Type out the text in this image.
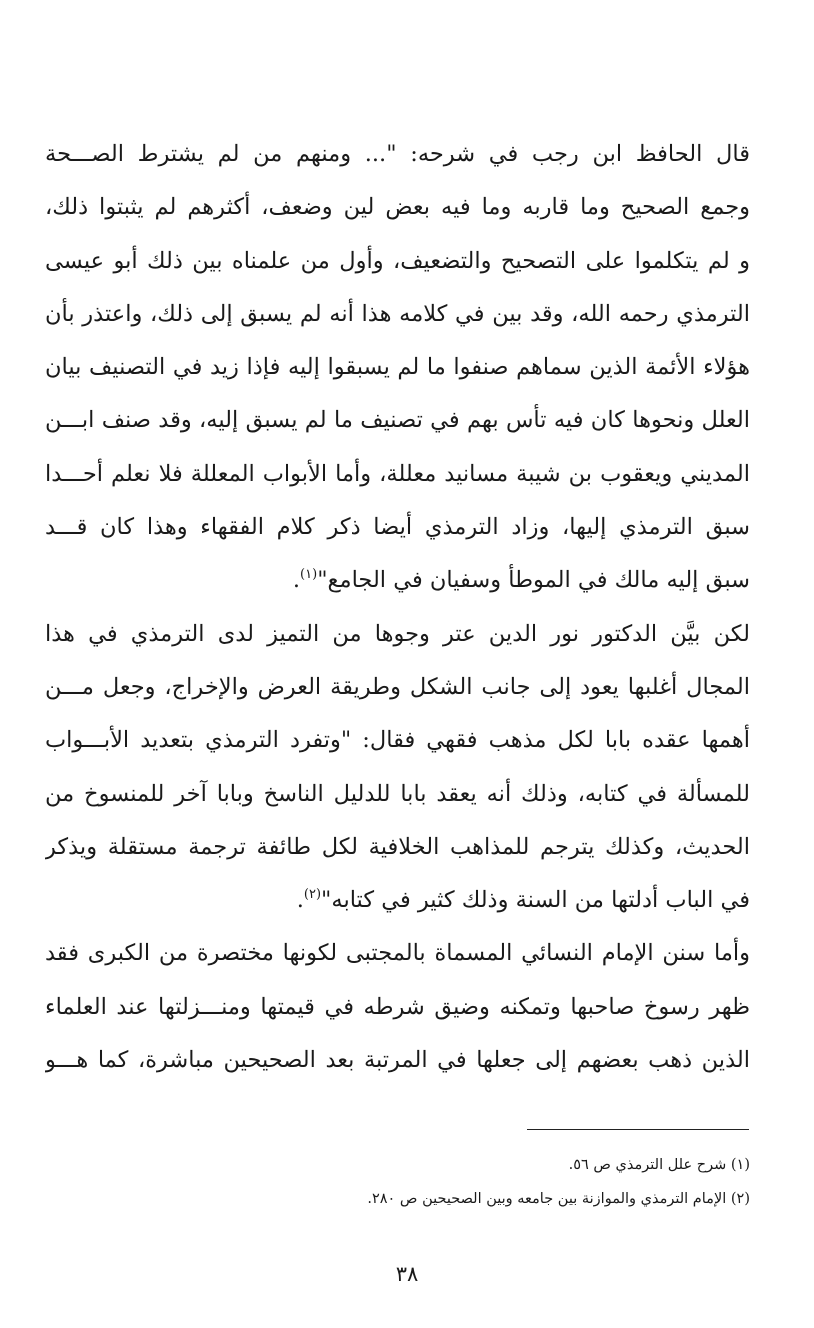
قال الحافظ ابن رجب في شرحه: "... ومنهم من لم يشترط الصـــحة
وجمع الصحيح وما قاربه وما فيه بعض لين وضعف، أكثرهم لم يثبتوا ذلك،
و لم يتكلموا على التصحيح والتضعيف، وأول من علمناه بين ذلك أبو عيسى
الترمذي رحمه الله، وقد بين في كلامه هذا أنه لم يسبق إلى ذلك، واعتذر بأن
هؤلاء الأئمة الذين سماهم صنفوا ما لم يسبقوا إليه فإذا زيد في التصنيف بيان
العلل ونحوها كان فيه تأس بهم في تصنيف ما لم يسبق إليه، وقد صنف ابـــن
المديني ويعقوب بن شيبة مسانيد معللة، وأما الأبواب المعللة فلا نعلم أحـــدا
سبق الترمذي إليها، وزاد الترمذي أيضا ذكر كلام الفقهاء وهذا كان قـــد
سبق إليه مالك في الموطأ وسفيان في الجامع"$^{(١)}$.
لكن بيَّن الدكتور نور الدين عتر وجوها من التميز لدى الترمذي في هذا
المجال أغلبها يعود إلى جانب الشكل وطريقة العرض والإخراج، وجعل مـــن
أهمها عقده بابا لكل مذهب فقهي فقال: "وتفرد الترمذي بتعديد الأبـــواب
للمسألة في كتابه، وذلك أنه يعقد بابا للدليل الناسخ وبابا آخر للمنسوخ من
الحديث، وكذلك يترجم للمذاهب الخلافية لكل طائفة ترجمة مستقلة ويذكر
في الباب أدلتها من السنة وذلك كثير في كتابه"$^{(٢)}$.
وأما سنن الإمام النسائي المسماة بالمجتبى لكونها مختصرة من الكبرى فقد
ظهر رسوخ صاحبها وتمكنه وضيق شرطه في قيمتها ومنـــزلتها عند العلماء
الذين ذهب بعضهم إلى جعلها في المرتبة بعد الصحيحين مباشرة، كما هـــو
(١) شرح علل الترمذي ص ٥٦.
(٢) الإمام الترمذي والموازنة بين جامعه وبين الصحيحين ص ٢٨٠.
٣٨
